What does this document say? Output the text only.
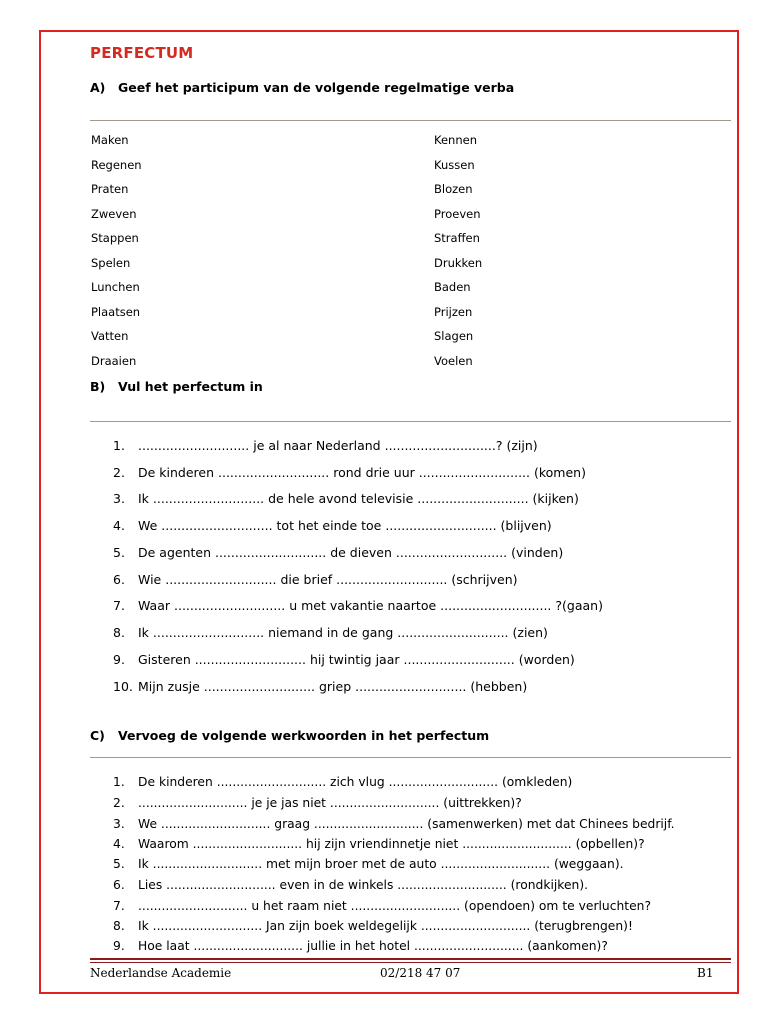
PERFECTUM
A) Geef het participum van de volgende regelmatige verba
Maken
Regenen
Praten
Zweven
Stappen
Spelen
Lunchen
Plaatsen
Vatten
Draaien
Kennen
Kussen
Blozen
Proeven
Straffen
Drukken
Baden
Prijzen
Slagen
Voelen
B) Vul het perfectum in
1. ............................ je al naar Nederland ............................? (zijn)
2. De kinderen ............................ rond drie uur ............................ (komen)
3. Ik ............................ de hele avond televisie ............................ (kijken)
4. We ............................ tot het einde toe ............................ (blijven)
5. De agenten ............................ de dieven ............................ (vinden)
6. Wie ............................ die brief ............................ (schrijven)
7. Waar ............................ u met vakantie naartoe ............................ ?(gaan)
8. Ik ............................ niemand in de gang ............................ (zien)
9. Gisteren ............................ hij twintig jaar ............................ (worden)
10. Mijn zusje ............................ griep ............................ (hebben)
C) Vervoeg de volgende werkwoorden in het perfectum
1. De kinderen ............................ zich vlug ............................ (omkleden)
2. ............................ je je jas niet ............................ (uittrekken)?
3. We ............................ graag ............................ (samenwerken) met dat Chinees bedrijf.
4. Waarom ............................ hij zijn vriendinnetje niet ............................ (opbellen)?
5. Ik ............................ met mijn broer met de auto ............................ (weggaan).
6. Lies ............................ even in de winkels ............................ (rondkijken).
7. ............................ u het raam niet ............................ (opendoen) om te verluchten?
8. Ik ............................ Jan zijn boek weldegelijk ............................ (terugbrengen)!
9. Hoe laat ............................ jullie in het hotel ............................ (aankomen)?
Nederlandse Academie	02/218 47 07	B1
